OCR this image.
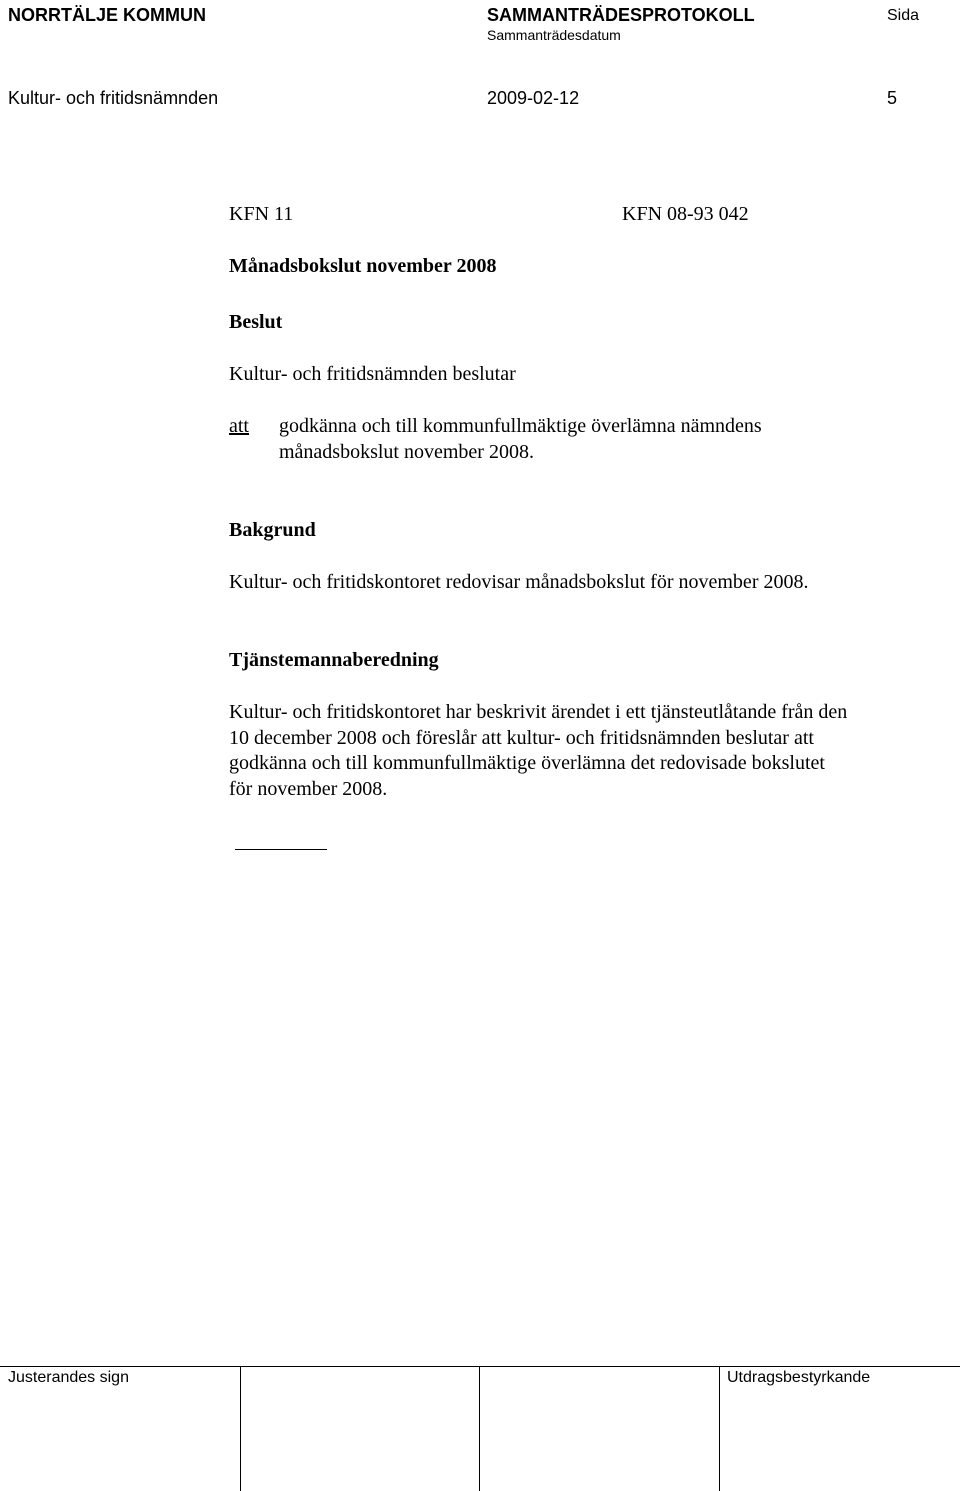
NORRTÄLJE KOMMUN	SAMMANTRÄDESPROTOKOLL	Sida
Sammanträdesdatum
Kultur- och fritidsnämnden	2009-02-12	5
KFN 11	KFN 08-93 042
Månadsbokslut november 2008
Beslut
Kultur- och fritidsnämnden beslutar
att godkänna och till kommunfullmäktige överlämna nämndens
månadsbokslut november 2008.
Bakgrund
Kultur- och fritidskontoret redovisar månadsbokslut för november 2008.
Tjänstemannaberedning
Kultur- och fritidskontoret har beskrivit ärendet i ett tjänsteutlåtande från den
10 december 2008 och föreslår att kultur- och fritidsnämnden beslutar att
godkänna och till kommunfullmäktige överlämna det redovisade bokslutet
för november 2008.
Justerandes sign	Utdragsbestyrkande
